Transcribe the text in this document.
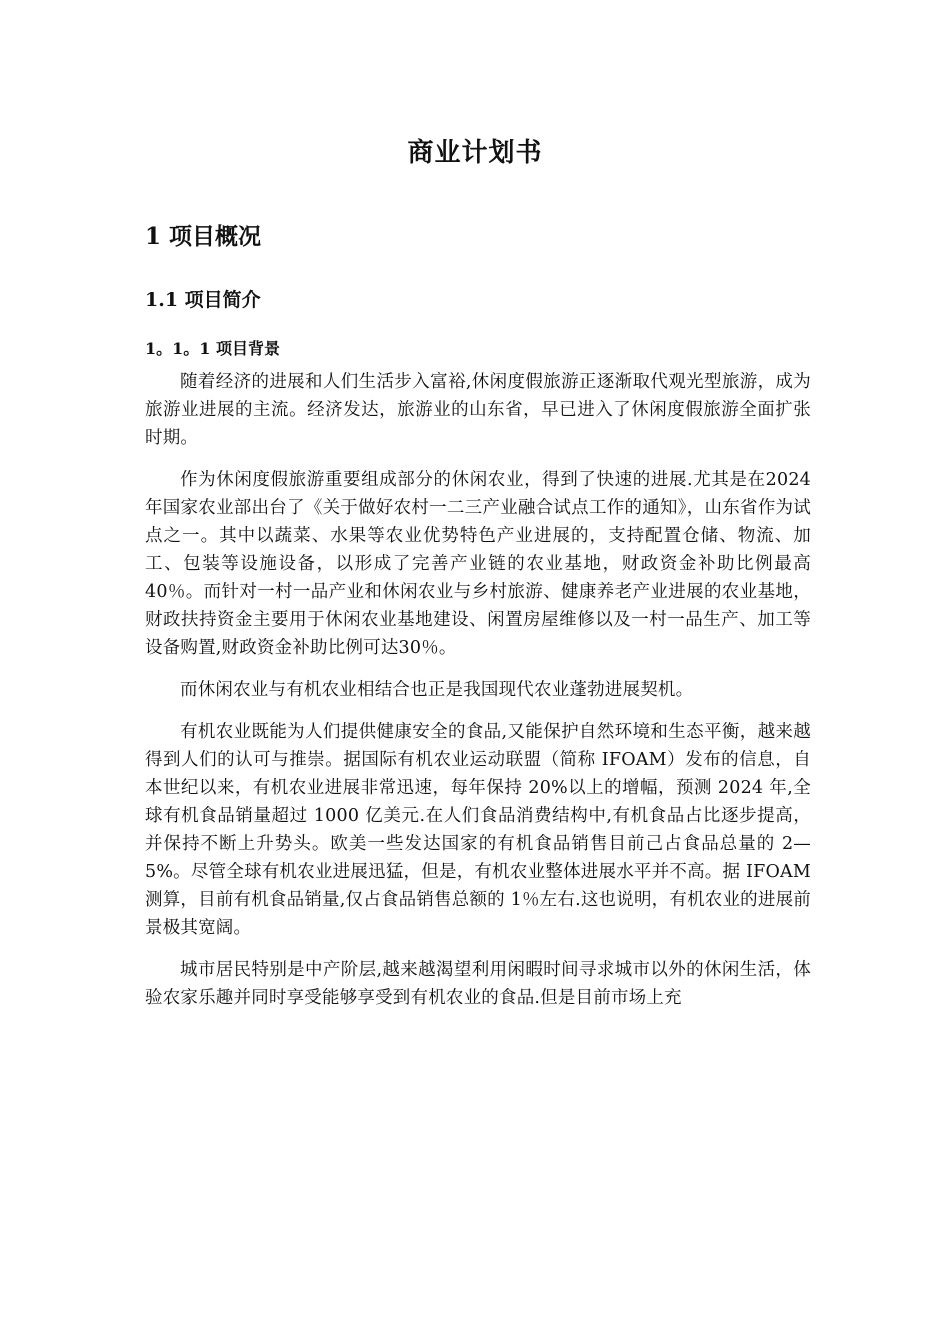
商业计划书
1 项目概况
1.1 项目简介
1。1。1 项目背景

随着经济的进展和人们生活步入富裕,休闲度假旅游正逐渐取代观光型旅游，成为旅游业进展的主流。经济发达，旅游业的山东省，早已进入了休闲度假旅游全面扩张时期。

作为休闲度假旅游重要组成部分的休闲农业，得到了快速的进展.尤其是在2024年国家农业部出台了《关于做好农村一二三产业融合试点工作的通知》，山东省作为试点之一。其中以蔬菜、水果等农业优势特色产业进展的，支持配置仓储、物流、加工、包装等设施设备，以形成了完善产业链的农业基地，财政资金补助比例最高 40％。而针对一村一品产业和休闲农业与乡村旅游、健康养老产业进展的农业基地，财政扶持资金主要用于休闲农业基地建设、闲置房屋维修以及一村一品生产、加工等设备购置,财政资金补助比例可达30％。

而休闲农业与有机农业相结合也正是我国现代农业蓬勃进展契机。

有机农业既能为人们提供健康安全的食品,又能保护自然环境和生态平衡，越来越得到人们的认可与推崇。据国际有机农业运动联盟（简称 IFOAM）发布的信息，自本世纪以来，有机农业进展非常迅速，每年保持 20%以上的增幅，预测 2024 年,全球有机食品销量超过 1000 亿美元.在人们食品消费结构中,有机食品占比逐步提高，并保持不断上升势头。欧美一些发达国家的有机食品销售目前己占食品总量的 2—5%。尽管全球有机农业进展迅猛，但是，有机农业整体进展水平并不高。据 IFOAM 测算，目前有机食品销量,仅占食品销售总额的 1％左右.这也说明，有机农业的进展前景极其宽阔。

城市居民特别是中产阶层,越来越渴望利用闲暇时间寻求城市以外的休闲生活，体验农家乐趣并同时享受能够享受到有机农业的食品.但是目前市场上充
